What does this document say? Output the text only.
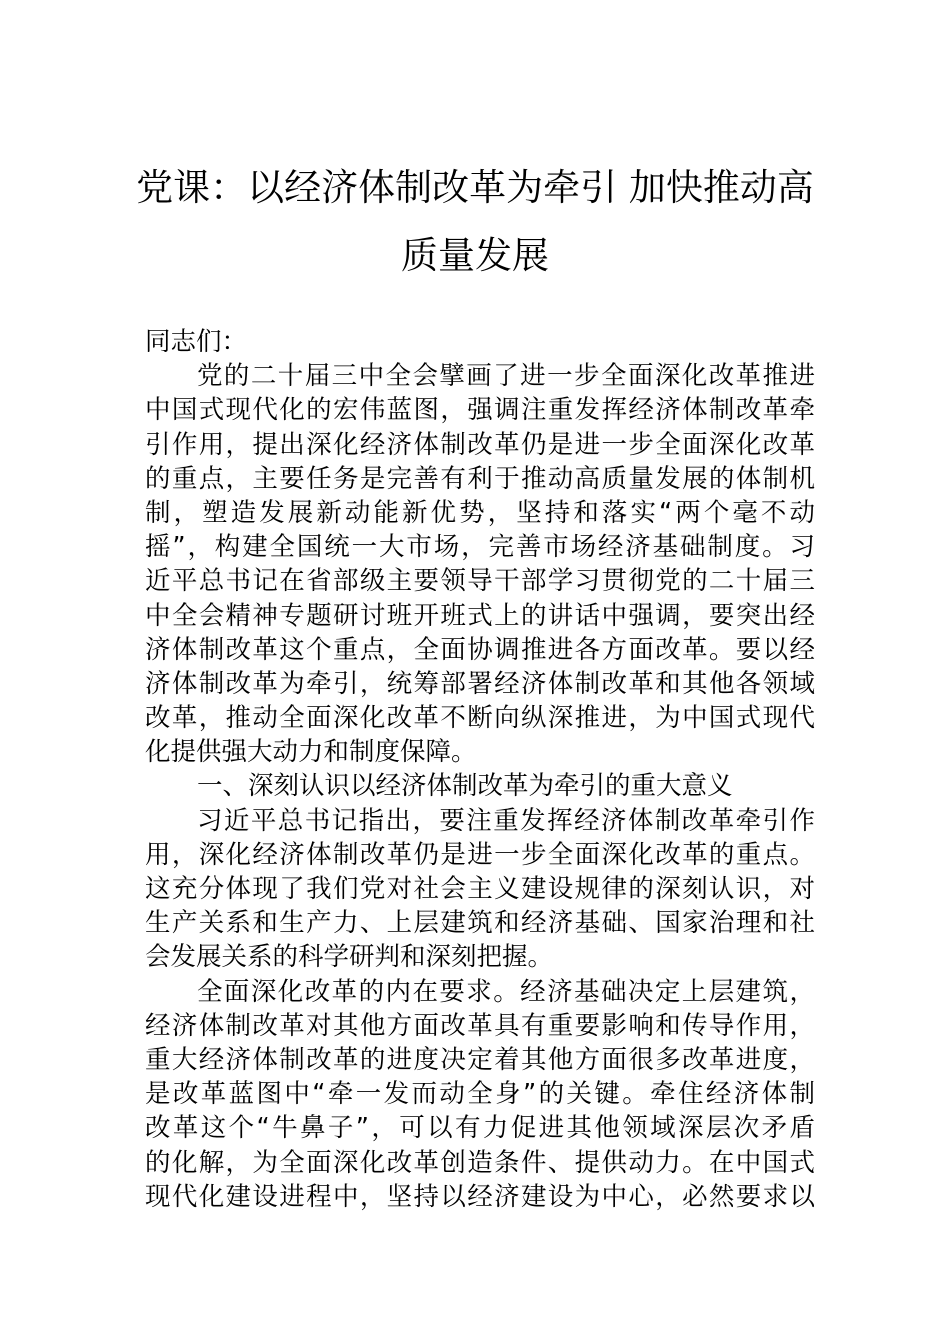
党课：以经济体制改革为牵引 加快推动高
质量发展
同志们：
党的二十届三中全会擘画了进一步全面深化改革推进
中国式现代化的宏伟蓝图，强调注重发挥经济体制改革牵
引作用，提出深化经济体制改革仍是进一步全面深化改革
的重点，主要任务是完善有利于推动高质量发展的体制机
制，塑造发展新动能新优势，坚持和落实“两个毫不动
摇”，构建全国统一大市场，完善市场经济基础制度。习
近平总书记在省部级主要领导干部学习贯彻党的二十届三
中全会精神专题研讨班开班式上的讲话中强调，要突出经
济体制改革这个重点，全面协调推进各方面改革。要以经
济体制改革为牵引，统筹部署经济体制改革和其他各领域
改革，推动全面深化改革不断向纵深推进，为中国式现代
化提供强大动力和制度保障。
一、深刻认识以经济体制改革为牵引的重大意义
习近平总书记指出，要注重发挥经济体制改革牵引作
用，深化经济体制改革仍是进一步全面深化改革的重点。
这充分体现了我们党对社会主义建设规律的深刻认识，对
生产关系和生产力、上层建筑和经济基础、国家治理和社
会发展关系的科学研判和深刻把握。
全面深化改革的内在要求。经济基础决定上层建筑，
经济体制改革对其他方面改革具有重要影响和传导作用，
重大经济体制改革的进度决定着其他方面很多改革进度，
是改革蓝图中“牵一发而动全身”的关键。牵住经济体制
改革这个“牛鼻子”，可以有力促进其他领域深层次矛盾
的化解，为全面深化改革创造条件、提供动力。在中国式
现代化建设进程中，坚持以经济建设为中心，必然要求以
